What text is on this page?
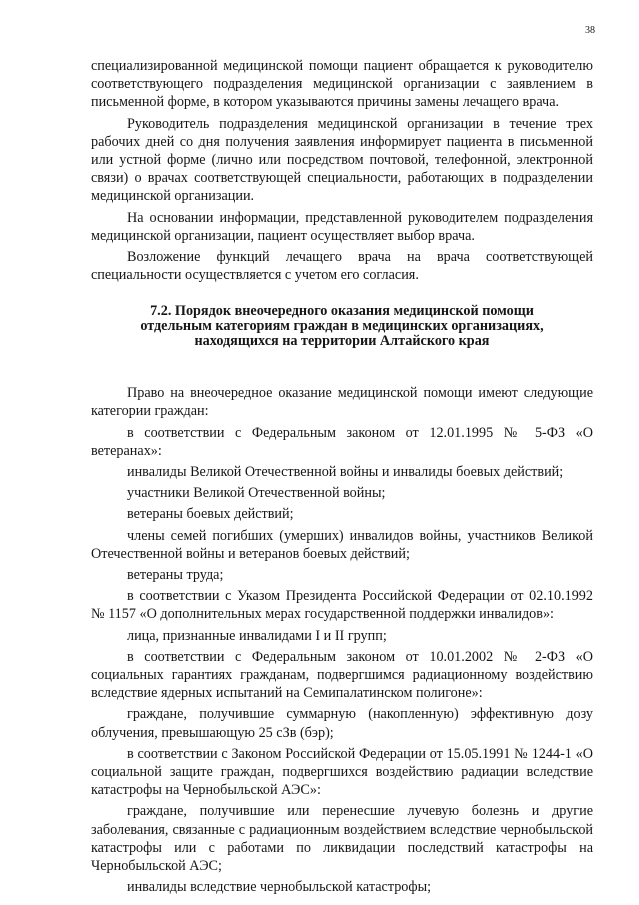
38

специализированной медицинской помощи пациент обращается к руководителю соответствующего подразделения медицинской организации с заявлением в письменной форме, в котором указываются причины замены лечащего врача.

Руководитель подразделения медицинской организации в течение трех рабочих дней со дня получения заявления информирует пациента в письменной или устной форме (лично или посредством почтовой, телефонной, электронной связи) о врачах соответствующей специальности, работающих в подразделении медицинской организации.

На основании информации, представленной руководителем подразделения медицинской организации, пациент осуществляет выбор врача.

Возложение функций лечащего врача на врача соответствующей специальности осуществляется с учетом его согласия.

7.2. Порядок внеочередного оказания медицинской помощи
отдельным категориям граждан в медицинских организациях,
находящихся на территории Алтайского края

Право на внеочередное оказание медицинской помощи имеют следующие категории граждан:

в соответствии с Федеральным законом от 12.01.1995 № 5-ФЗ «О ветеранах»:

инвалиды Великой Отечественной войны и инвалиды боевых действий;

участники Великой Отечественной войны;

ветераны боевых действий;

члены семей погибших (умерших) инвалидов войны, участников Великой Отечественной войны и ветеранов боевых действий;

ветераны труда;

в соответствии с Указом Президента Российской Федерации от 02.10.1992 № 1157 «О дополнительных мерах государственной поддержки инвалидов»:

лица, признанные инвалидами I и II групп;

в соответствии с Федеральным законом от 10.01.2002 № 2-ФЗ «О социальных гарантиях гражданам, подвергшимся радиационному воздействию вследствие ядерных испытаний на Семипалатинском полигоне»:

граждане, получившие суммарную (накопленную) эффективную дозу облучения, превышающую 25 сЗв (бэр);

в соответствии с Законом Российской Федерации от 15.05.1991 № 1244-1 «О социальной защите граждан, подвергшихся воздействию радиации вследствие катастрофы на Чернобыльской АЭС»:

граждане, получившие или перенесшие лучевую болезнь и другие заболевания, связанные с радиационным воздействием вследствие чернобыльской катастрофы или с работами по ликвидации последствий катастрофы на Чернобыльской АЭС;

инвалиды вследствие чернобыльской катастрофы;
